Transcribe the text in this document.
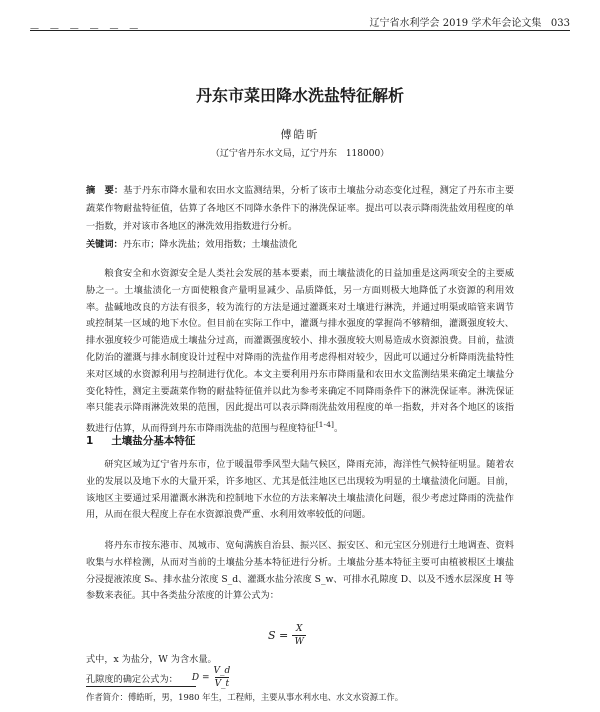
辽宁省水利学会 2019 学术年会论文集 033
— — — — — —
丹东市菜田降水洗盐特征解析
傅皓昕
（辽宁省丹东水文局，辽宁丹东　118000）
摘　要：基于丹东市降水量和农田水文监测结果，分析了该市土壤盐分动态变化过程，测定了丹东市主要蔬菜作物耐盐特征值，估算了各地区不同降水条件下的淋洗保证率。提出可以表示降雨洗盐效用程度的单一指数，并对该市各地区的淋洗效用指数进行分析。
关键词：丹东市；降水洗盐；效用指数；土壤盐渍化

粮食安全和水资源安全是人类社会发展的基本要素，而土壤盐渍化的日益加重是这两项安全的主要威胁之一。土壤盐渍化一方面使粮食产量明显减少、品质降低，另一方面则极大地降低了水资源的利用效率。盐碱地改良的方法有很多，较为流行的方法是通过灌溉来对土壤进行淋洗，并通过明渠或暗管来调节或控制某一区域的地下水位。但目前在实际工作中，灌溉与排水强度的掌握尚不够精细，灌溉强度较大、排水强度较少可能造成土壤盐分过高，而灌溉强度较小、排水强度较大则易造成水资源浪费。目前，盐渍化防治的灌溉与排水制度设计过程中对降雨的洗盐作用考虑得相对较少，因此可以通过分析降雨洗盐特性来对区域的水资源利用与控制进行优化。本文主要利用丹东市降雨量和农田水文监测结果来确定土壤盐分变化特性，测定主要蔬菜作物的耐盐特征值并以此为参考来确定不同降雨条件下的淋洗保证率。淋洗保证率只能表示降雨淋洗效果的范围，因此提出可以表示降雨洗盐效用程度的单一指数，并对各个地区的该指数进行估算，从而得到丹东市降雨洗盐的范围与程度特征[1-4]。

1 土壤盐分基本特征

研究区域为辽宁省丹东市，位于暖温带季风型大陆气候区，降雨充沛，海洋性气候特征明显。随着农业的发展以及地下水的大量开采，许多地区、尤其是低洼地区已出现较为明显的土壤盐渍化问题。目前，该地区主要通过采用灌溉水淋洗和控制地下水位的方法来解决土壤盐渍化问题，很少考虑过降雨的洗盐作用，从而在很大程度上存在水资源浪费严重、水利用效率较低的问题。

将丹东市按东港市、凤城市、宽甸满族自治县、振兴区、振安区、和元宝区分别进行土地调查、资料收集与水样检测，从而对当前的土壤盐分基本特征进行分析。土壤盐分基本特征主要可由植被根区土壤盐分浸提液浓度 Sₑ、排水盐分浓度 S_d、灌溉水盐分浓度 S_w、可排水孔隙度 D、以及不透水层深度 H 等参数来表征。其中各类盐分浓度的计算公式为：

$S = \frac{X}{W}$
式中，x 为盐分，W 为含水量。
孔隙度的确定公式为： $D = \frac{V\_d}{V\_t}$
作者简介：傅皓昕，男，1980 年生，工程师，主要从事水利水电、水文水资源工作。
